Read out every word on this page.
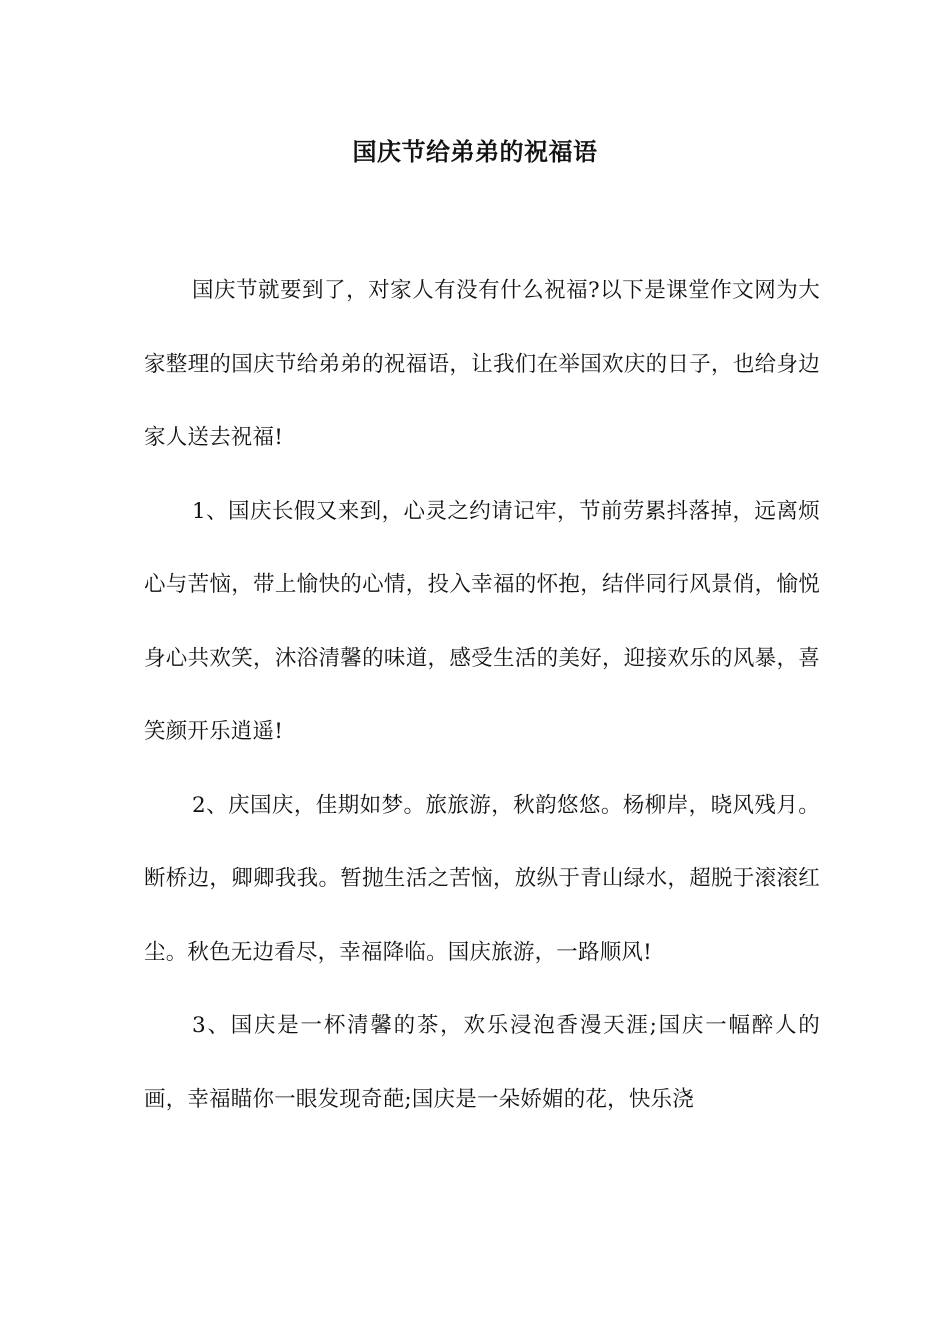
国庆节给弟弟的祝福语

国庆节就要到了，对家人有没有什么祝福?以下是课堂作文网为大家整理的国庆节给弟弟的祝福语，让我们在举国欢庆的日子，也给身边家人送去祝福!

1、国庆长假又来到，心灵之约请记牢，节前劳累抖落掉，远离烦心与苦恼，带上愉快的心情，投入幸福的怀抱，结伴同行风景俏，愉悦身心共欢笑，沐浴清馨的味道，感受生活的美好，迎接欢乐的风暴，喜笑颜开乐逍遥!

2、庆国庆，佳期如梦。旅旅游，秋韵悠悠。杨柳岸，晓风残月。断桥边，卿卿我我。暂抛生活之苦恼，放纵于青山绿水，超脱于滚滚红尘。秋色无边看尽，幸福降临。国庆旅游，一路顺风!

3、国庆是一杯清馨的茶，欢乐浸泡香漫天涯;国庆一幅醉人的画，幸福瞄你一眼发现奇葩;国庆是一朵娇媚的花，快乐浇
